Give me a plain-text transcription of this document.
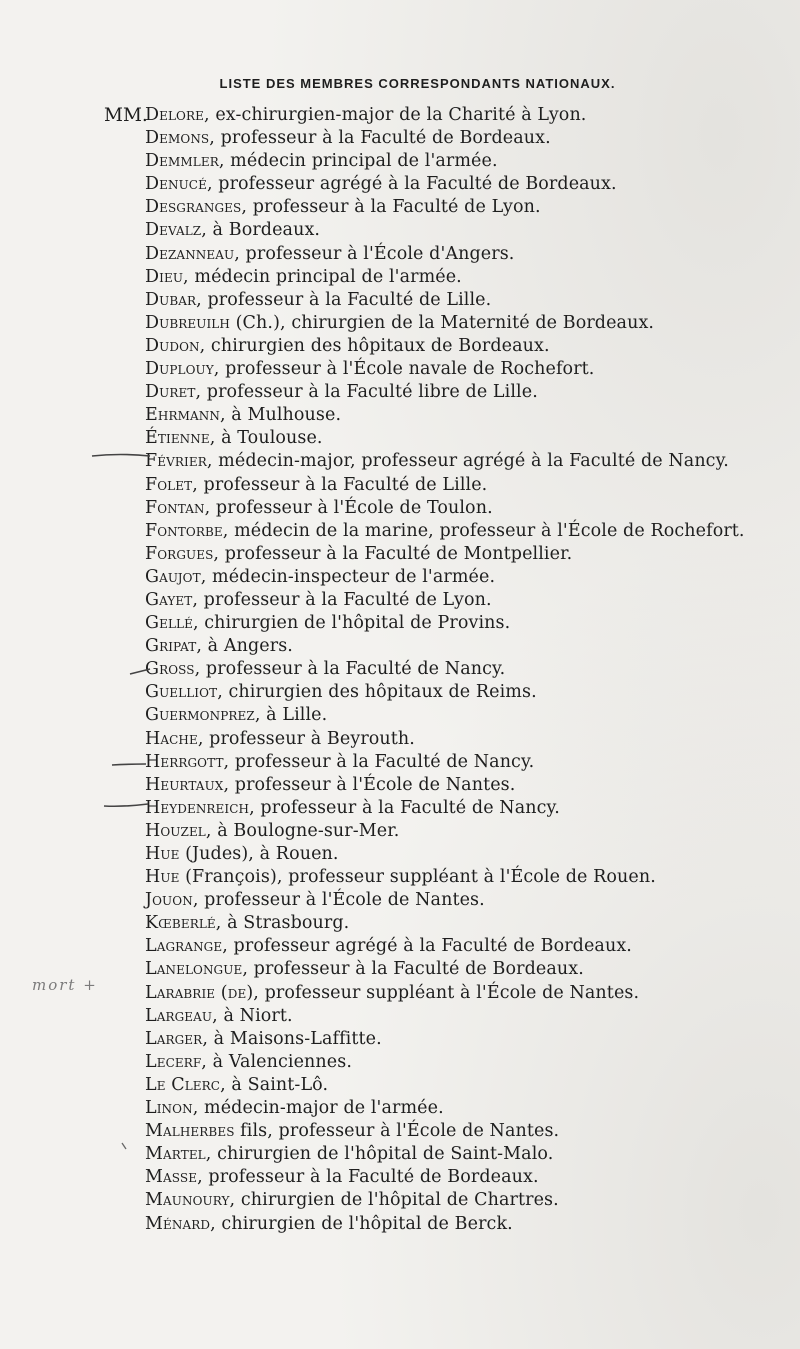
LISTE DES MEMBRES CORRESPONDANTS NATIONAUX.
MM.
Delore, ex-chirurgien-major de la Charité à Lyon.
Demons, professeur à la Faculté de Bordeaux.
Demmler, médecin principal de l'armée.
Denucé, professeur agrégé à la Faculté de Bordeaux.
Desgranges, professeur à la Faculté de Lyon.
Devalz, à Bordeaux.
Dezanneau, professeur à l'École d'Angers.
Dieu, médecin principal de l'armée.
Dubar, professeur à la Faculté de Lille.
Dubreuilh (Ch.), chirurgien de la Maternité de Bordeaux.
Dudon, chirurgien des hôpitaux de Bordeaux.
Duplouy, professeur à l'École navale de Rochefort.
Duret, professeur à la Faculté libre de Lille.
Ehrmann, à Mulhouse.
Étienne, à Toulouse.
Février, médecin-major, professeur agrégé à la Faculté de Nancy.
Folet, professeur à la Faculté de Lille.
Fontan, professeur à l'École de Toulon.
Fontorbe, médecin de la marine, professeur à l'École de Rochefort.
Forgues, professeur à la Faculté de Montpellier.
Gaujot, médecin-inspecteur de l'armée.
Gayet, professeur à la Faculté de Lyon.
Gellé, chirurgien de l'hôpital de Provins.
Gripat, à Angers.
Gross, professeur à la Faculté de Nancy.
Guelliot, chirurgien des hôpitaux de Reims.
Guermonprez, à Lille.
Hache, professeur à Beyrouth.
Herrgott, professeur à la Faculté de Nancy.
Heurtaux, professeur à l'École de Nantes.
Heydenreich, professeur à la Faculté de Nancy.
Houzel, à Boulogne-sur-Mer.
Hue (Judes), à Rouen.
Hue (François), professeur suppléant à l'École de Rouen.
Jouon, professeur à l'École de Nantes.
Kœberlé, à Strasbourg.
Lagrange, professeur agrégé à la Faculté de Bordeaux.
Lanelongue, professeur à la Faculté de Bordeaux.
Larabrie (de), professeur suppléant à l'École de Nantes.
Largeau, à Niort.
Larger, à Maisons-Laffitte.
Lecerf, à Valenciennes.
Le Clerc, à Saint-Lô.
Linon, médecin-major de l'armée.
Malherbes fils, professeur à l'École de Nantes.
Martel, chirurgien de l'hôpital de Saint-Malo.
Masse, professeur à la Faculté de Bordeaux.
Maunoury, chirurgien de l'hôpital de Chartres.
Ménard, chirurgien de l'hôpital de Berck.
mort +
